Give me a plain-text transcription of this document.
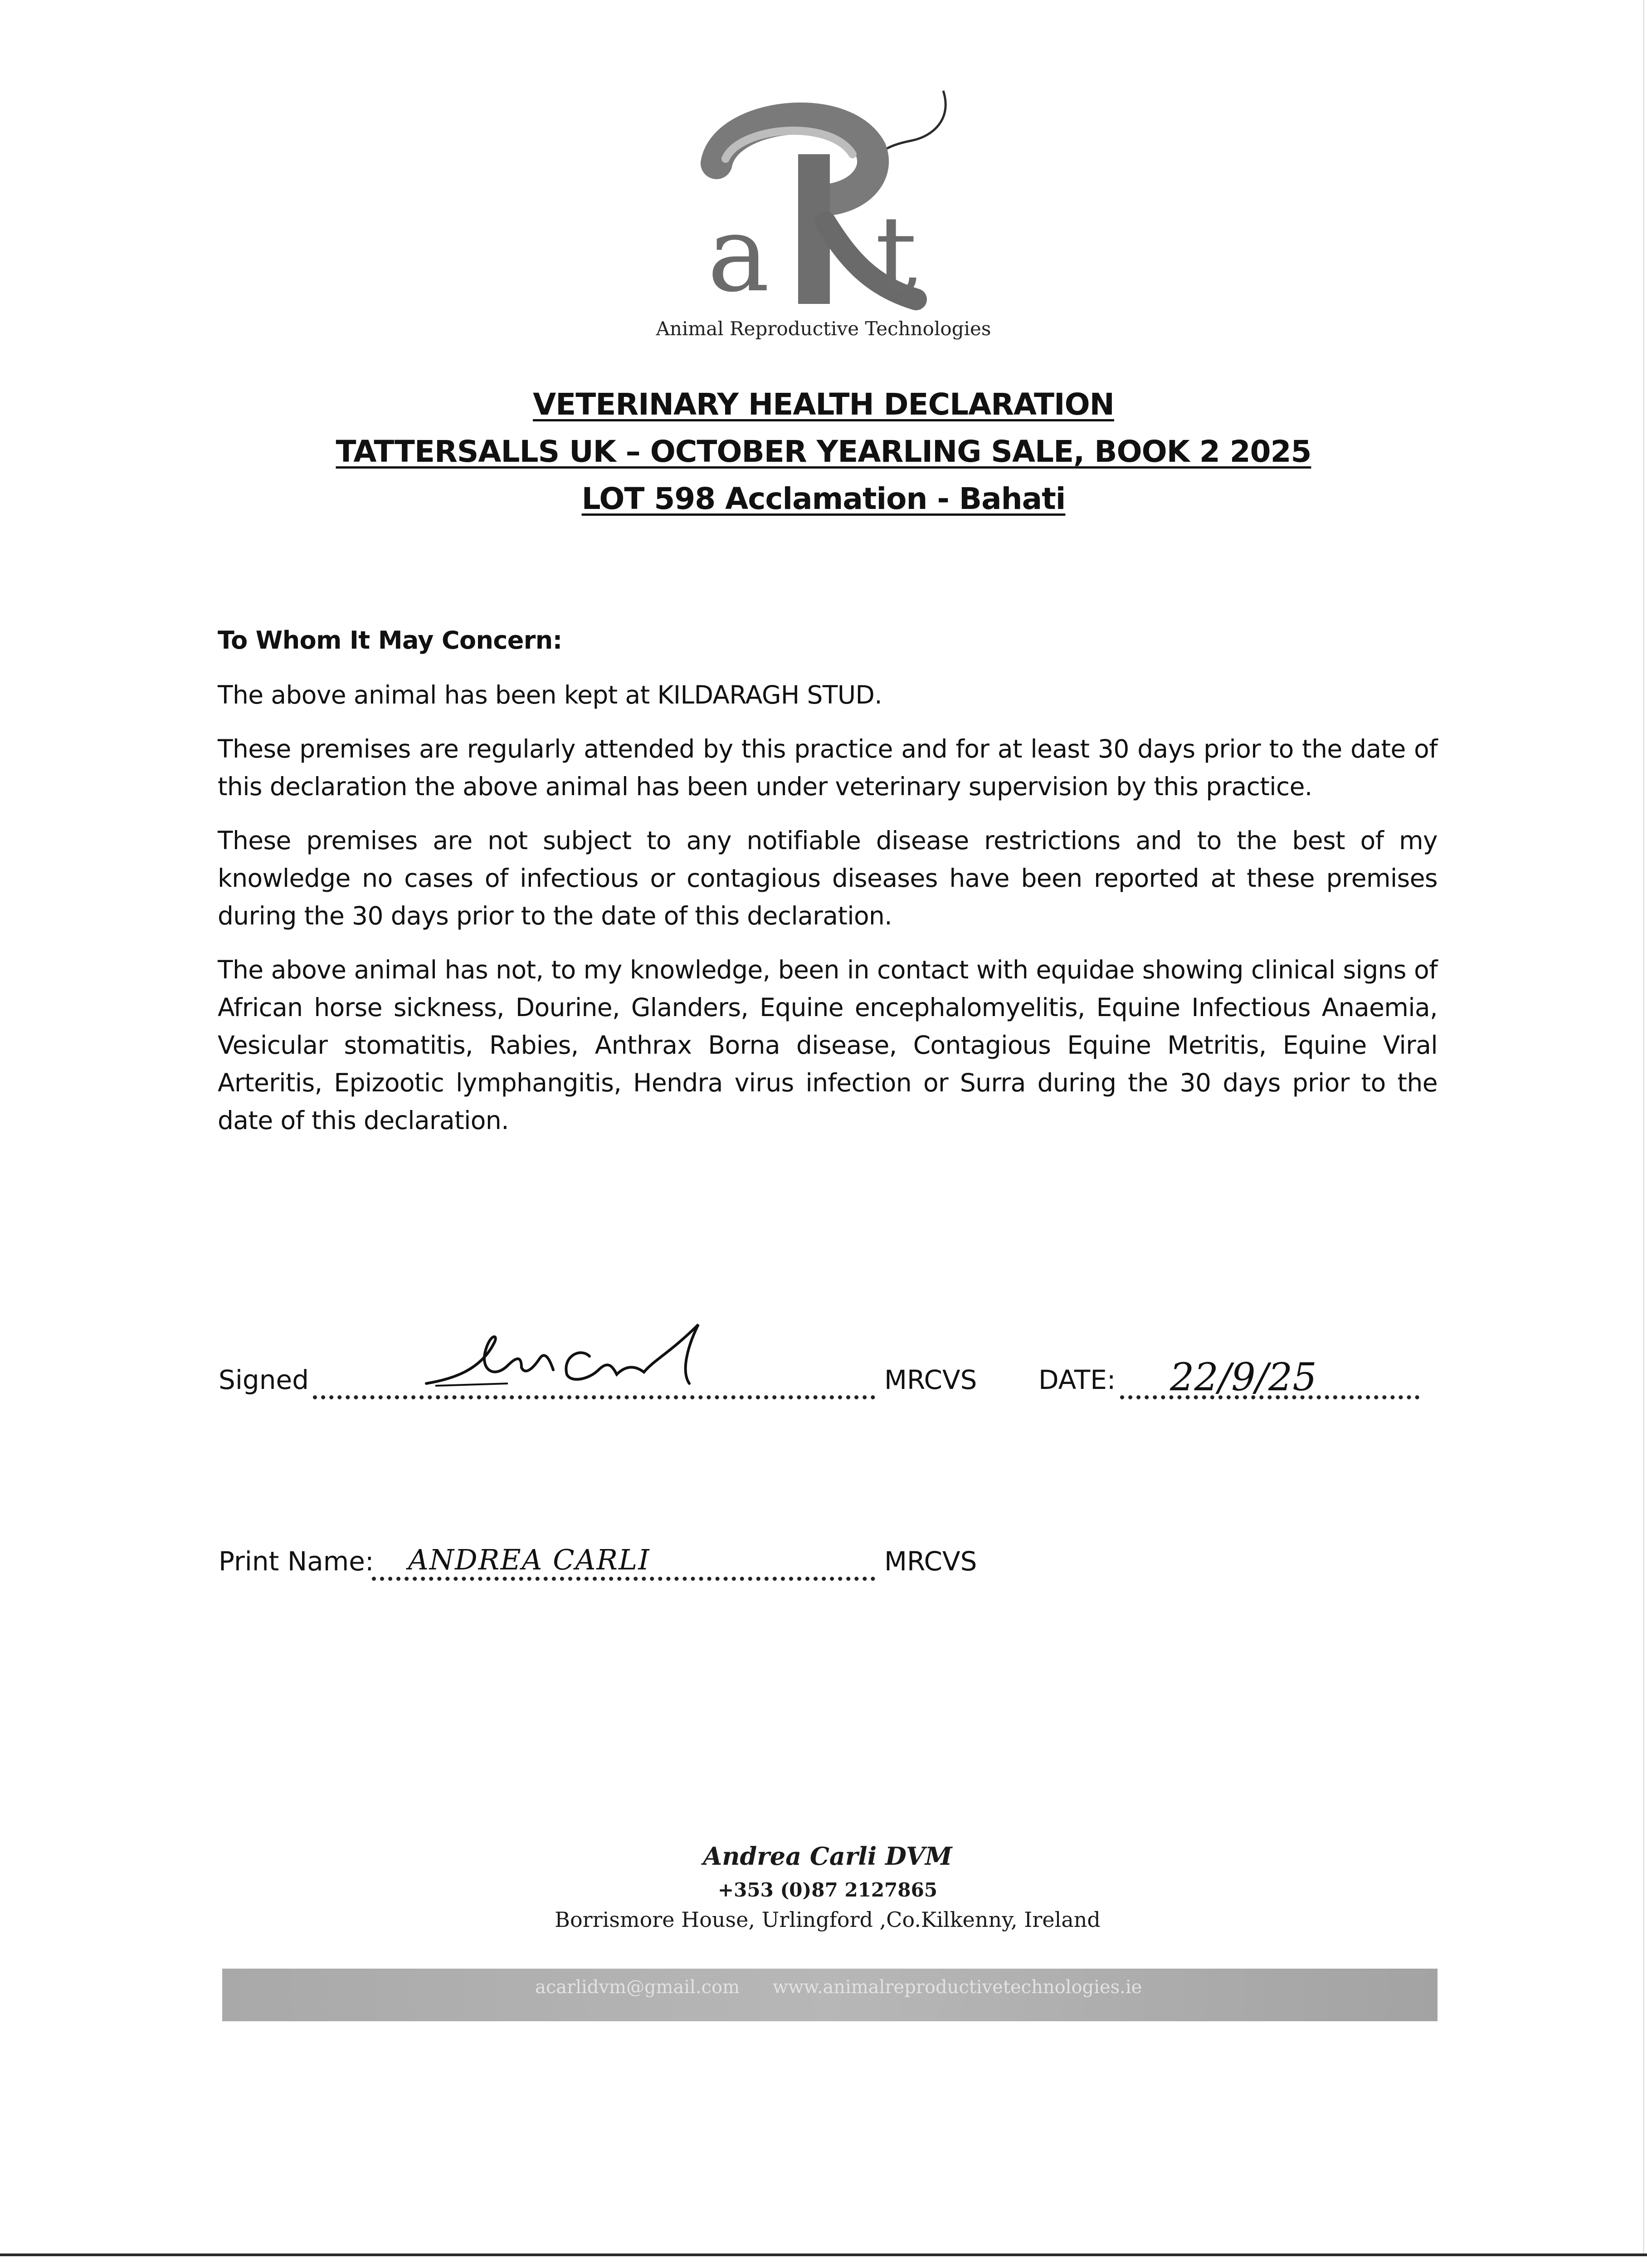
a t
Animal Reproductive Technologies

VETERINARY HEALTH DECLARATION

TATTERSALLS UK – OCTOBER YEARLING SALE, BOOK 2 2025

LOT 598 Acclamation - Bahati

To Whom It May Concern:

The above animal has been kept at KILDARAGH STUD.

These premises are regularly attended by this practice and for at least 30 days prior to the date of this declaration the above animal has been under veterinary supervision by this practice.

These premises are not subject to any notifiable disease restrictions and to the best of my knowledge no cases of infectious or contagious diseases have been reported at these premises during the 30 days prior to the date of this declaration.

The above animal has not, to my knowledge, been in contact with equidae showing clinical signs of African horse sickness, Dourine, Glanders, Equine encephalomyelitis, Equine Infectious Anaemia, Vesicular stomatitis, Rabies, Anthrax Borna disease, Contagious Equine Metritis, Equine Viral Arteritis, Epizootic lymphangitis, Hendra virus infection or Surra during the 30 days prior to the date of this declaration.

Signed	MRCVS DATE: 22/9/25
Print Name: ANDREA CARLI	MRCVS

Andrea Carli DVM

+353 (0)87 2127865

Borrismore House, Urlingford ,Co.Kilkenny, Ireland

acarlidvm@gmail.com www.animalreproductivetechnologies.ie
